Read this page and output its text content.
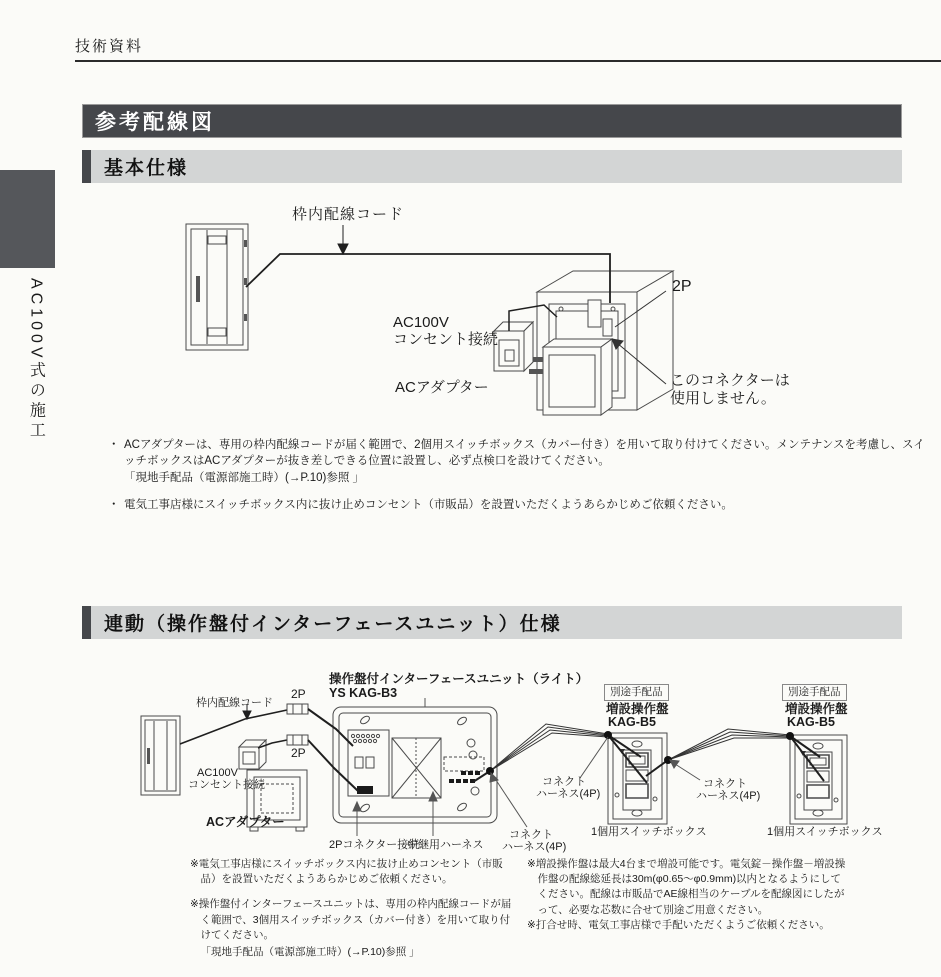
技術資料
AC100V式の施工
参考配線図
基本仕様
枠内配線コード
AC100V
コンセント接続
ACアダプター
2P
このコネクターは
使用しません。
・ ACアダプターは、専用の枠内配線コードが届く範囲で、2個用スイッチボックス（カバー付き）を用いて取り付けてください。メンテナンスを考慮し、スイッチボックスはACアダプターが抜き差しできる位置に設置し、必ず点検口を設けてください。
「現地手配品（電源部施工時）(→P.10)参照 」
・ 電気工事店様にスイッチボックス内に抜け止めコンセント（市販品）を設置いただくようあらかじめご依頼ください。
連動（操作盤付インターフェースユニット）仕様
操作盤付インターフェースユニット（ライト）
YS KAG-B3
枠内配線コード
2P
2P
AC100V
コンセント接続
ACアダプター
別途手配品	別途手配品
増設操作盤
KAG-B5
増設操作盤
KAG-B5
2Pコネクター接続
中継用ハーネス
コネクト
ハーネス(4P)
コネクト
ハーネス(4P)
コネクト
ハーネス(4P)
1個用スイッチボックス	1個用スイッチボックス

※電気工事店様にスイッチボックス内に抜け止めコンセント（市販品）を設置いただくようあらかじめご依頼ください。

※操作盤付インターフェースユニットは、専用の枠内配線コードが届く範囲で、3個用スイッチボックス（カバー付き）を用いて取り付けてください。

「現地手配品（電源部施工時）(→P.10)参照 」

※増設操作盤は最大4台まで増設可能です。電気錠－操作盤－増設操作盤の配線総延長は30m(φ0.65～φ0.9mm)以内となるようにしてください。配線は市販品でAE線相当のケーブルを配線図にしたがって、必要な芯数に合せて別途ご用意ください。

※打合せ時、電気工事店様で手配いただくようご依頼ください。
